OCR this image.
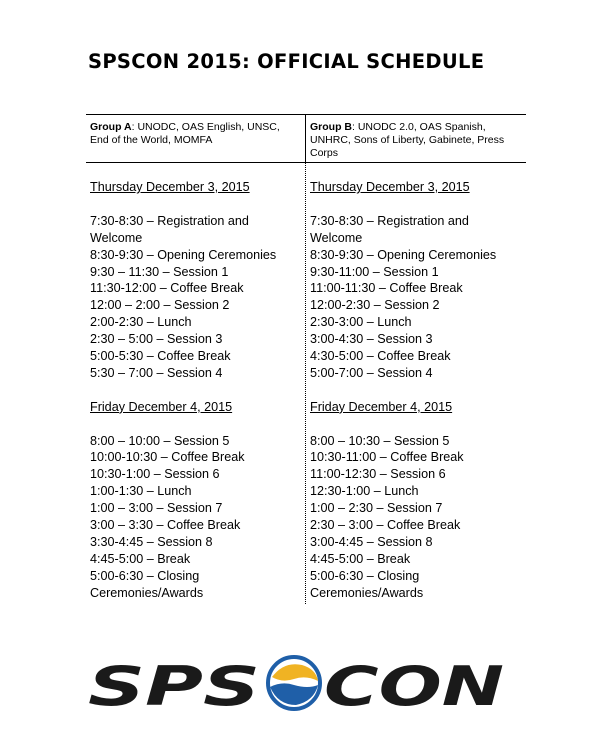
SPSCON 2015: OFFICIAL SCHEDULE
Group A: UNODC, OAS English, UNSC, End of the World, MOMFA
Group B: UNODC 2.0, OAS Spanish, UNHRC, Sons of Liberty, Gabinete, Press Corps
Thursday December 3, 2015
7:30-8:30 – Registration and Welcome
8:30-9:30 – Opening Ceremonies
9:30 – 11:30 – Session 1
11:30-12:00 – Coffee Break
12:00 – 2:00 – Session 2
2:00-2:30 – Lunch
2:30 – 5:00 – Session 3
5:00-5:30 – Coffee Break
5:30 – 7:00 – Session 4
Friday December 4, 2015
8:00 – 10:00 – Session 5
10:00-10:30 – Coffee Break
10:30-1:00 – Session 6
1:00-1:30 – Lunch
1:00 – 3:00 – Session 7
3:00 – 3:30 – Coffee Break
3:30-4:45 – Session 8
4:45-5:00 – Break
5:00-6:30 – Closing Ceremonies/Awards
Thursday December 3, 2015
7:30-8:30 – Registration and Welcome
8:30-9:30 – Opening Ceremonies
9:30-11:00 – Session 1
11:00-11:30 – Coffee Break
12:00-2:30 – Session 2
2:30-3:00 – Lunch
3:00-4:30 – Session 3
4:30-5:00 – Coffee Break
5:00-7:00 – Session 4
Friday December 4, 2015
8:00 – 10:30 – Session 5
10:30-11:00 – Coffee Break
11:00-12:30 – Session 6
12:30-1:00 – Lunch
1:00 – 2:30 – Session 7
2:30 – 3:00 – Coffee Break
3:00-4:45 – Session 8
4:45-5:00 – Break
5:00-6:30 – Closing Ceremonies/Awards
SPS CON
